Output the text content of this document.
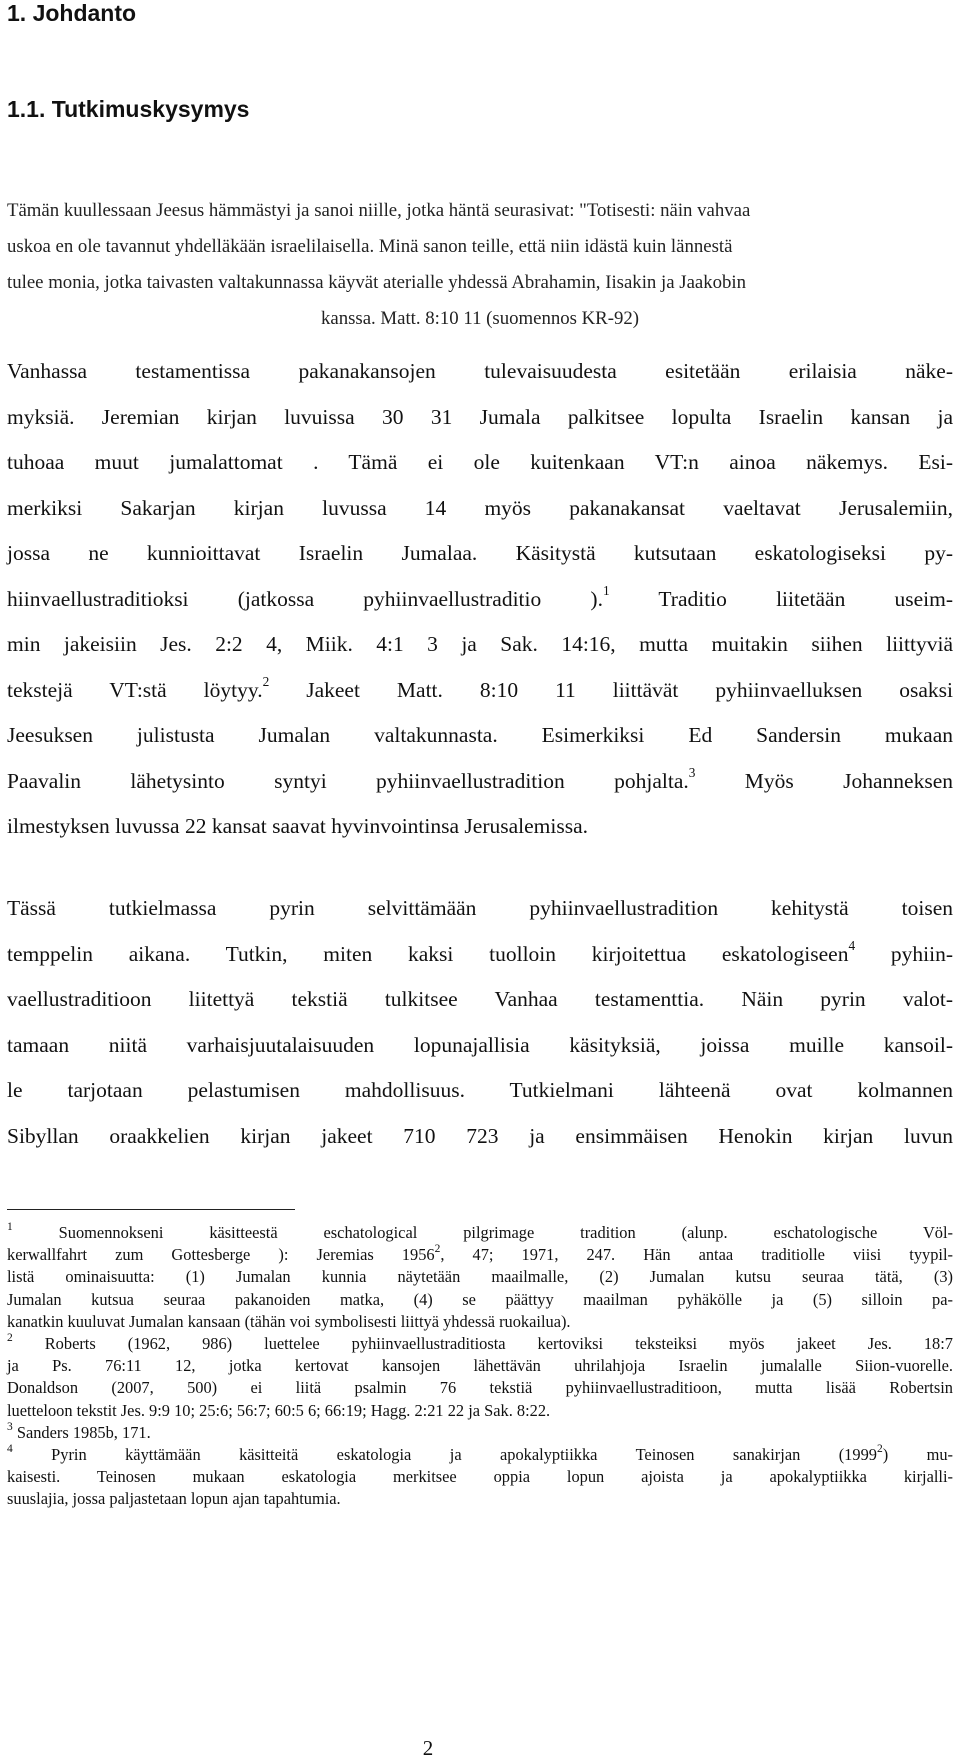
1. Johdanto
1.1. Tutkimuskysymys
Tämän kuullessaan Jeesus hämmästyi ja sanoi niille, jotka häntä seurasivat: "Totisesti: näin vahvaa
uskoa en ole tavannut yhdelläkään israelilaisella. Minä sanon teille, että niin idästä kuin lännestä
tulee monia, jotka taivasten valtakunnassa käyvät aterialle yhdessä Abrahamin, Iisakin ja Jaakobin
kanssa. Matt. 8:10 11 (suomennos KR-92)
Vanhassa testamentissa pakanakansojen tulevaisuudesta esitetään erilaisia näke-
myksiä. Jeremian kirjan luvuissa 30 31 Jumala palkitsee lopulta Israelin kansan ja
tuhoaa muut jumalattomat . Tämä ei ole kuitenkaan VT:n ainoa näkemys. Esi-
merkiksi Sakarjan kirjan luvussa 14 myös pakanakansat vaeltavat Jerusalemiin,
jossa ne kunnioittavat Israelin Jumalaa. Käsitystä kutsutaan eskatologiseksi py-
hiinvaellustraditioksi (jatkossa pyhiinvaellustraditio ).$^1$ Traditio liitetään useim-
min jakeisiin Jes. 2:2 4, Miik. 4:1 3 ja Sak. 14:16, mutta muitakin siihen liittyviä
tekstejä VT:stä löytyy.$^2$ Jakeet Matt. 8:10 11 liittävät pyhiinvaelluksen osaksi
Jeesuksen julistusta Jumalan valtakunnasta. Esimerkiksi Ed Sandersin mukaan
Paavalin lähetysinto syntyi pyhiinvaellustradition pohjalta.$^3$ Myös Johanneksen
ilmestyksen luvussa 22 kansat saavat hyvinvointinsa Jerusalemissa.
Tässä tutkielmassa pyrin selvittämään pyhiinvaellustradition kehitystä toisen
temppelin aikana. Tutkin, miten kaksi tuolloin kirjoitettua eskatologiseen$^4$ pyhiin-
vaellustraditioon liitettyä tekstiä tulkitsee Vanhaa testamenttia. Näin pyrin valot-
tamaan niitä varhaisjuutalaisuuden lopunajallisia käsityksiä, joissa muille kansoil-
le tarjotaan pelastumisen mahdollisuus. Tutkielmani lähteenä ovat kolmannen
Sibyllan oraakkelien kirjan jakeet 710 723 ja ensimmäisen Henokin kirjan luvun
$^1$ Suomennokseni käsitteestä eschatological pilgrimage tradition (alunp. eschatologische Völ-
kerwallfahrt zum Gottesberge ): Jeremias 1956$^2$, 47; 1971, 247. Hän antaa traditiolle viisi tyypil-
listä ominaisuutta: (1) Jumalan kunnia näytetään maailmalle, (2) Jumalan kutsu seuraa tätä, (3)
Jumalan kutsua seuraa pakanoiden matka, (4) se päättyy maailman pyhäkölle ja (5) silloin pa-
kanatkin kuuluvat Jumalan kansaan (tähän voi symbolisesti liittyä yhdessä ruokailua).
$^2$ Roberts (1962, 986) luettelee pyhiinvaellustraditiosta kertoviksi teksteiksi myös jakeet Jes. 18:7
ja Ps. 76:11 12, jotka kertovat kansojen lähettävän uhrilahjoja Israelin jumalalle Siion-vuorelle.
Donaldson (2007, 500) ei liitä psalmin 76 tekstiä pyhiinvaellustraditioon, mutta lisää Robertsin
luetteloon tekstit Jes. 9:9 10; 25:6; 56:7; 60:5 6; 66:19; Hagg. 2:21 22 ja Sak. 8:22.
$^3$ Sanders 1985b, 171.
$^4$ Pyrin käyttämään käsitteitä eskatologia ja apokalyptiikka Teinosen sanakirjan (1999$^2$) mu-
kaisesti. Teinosen mukaan eskatologia merkitsee oppia lopun ajoista ja apokalyptiikka kirjalli-
suuslajia, jossa paljastetaan lopun ajan tapahtumia.
2
